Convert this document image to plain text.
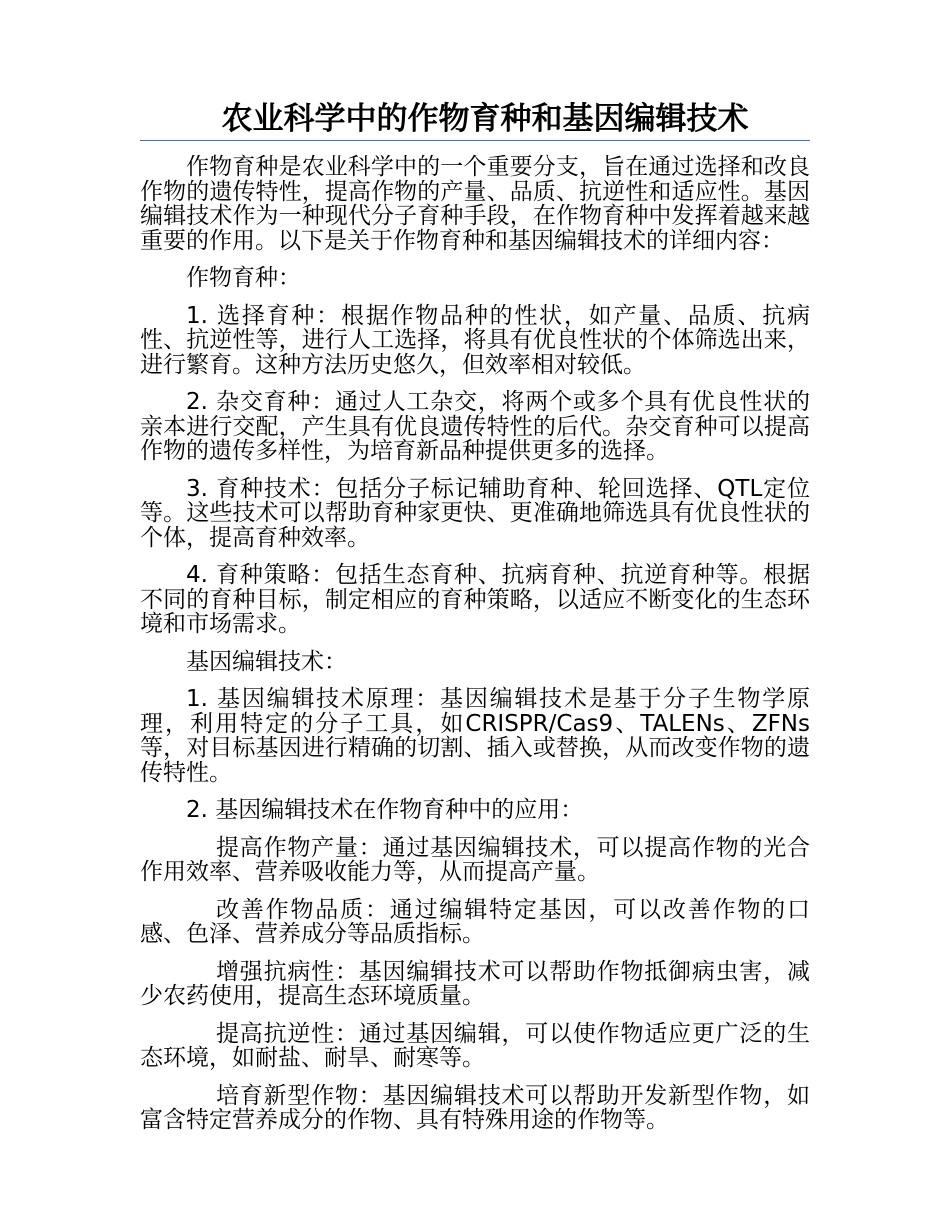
农业科学中的作物育种和基因编辑技术

作物育种是农业科学中的一个重要分支，旨在通过选择和改良作物的遗传特性，提高作物的产量、品质、抗逆性和适应性。基因编辑技术作为一种现代分子育种手段，在作物育种中发挥着越来越重要的作用。以下是关于作物育种和基因编辑技术的详细内容：

作物育种：

1. 选择育种：根据作物品种的性状，如产量、品质、抗病性、抗逆性等，进行人工选择，将具有优良性状的个体筛选出来，进行繁育。这种方法历史悠久，但效率相对较低。

2. 杂交育种：通过人工杂交，将两个或多个具有优良性状的亲本进行交配，产生具有优良遗传特性的后代。杂交育种可以提高作物的遗传多样性，为培育新品种提供更多的选择。

3. 育种技术：包括分子标记辅助育种、轮回选择、QTL定位等。这些技术可以帮助育种家更快、更准确地筛选具有优良性状的个体，提高育种效率。

4. 育种策略：包括生态育种、抗病育种、抗逆育种等。根据不同的育种目标，制定相应的育种策略，以适应不断变化的生态环境和市场需求。

基因编辑技术：

1. 基因编辑技术原理：基因编辑技术是基于分子生物学原理，利用特定的分子工具，如CRISPR/Cas9、TALENs、ZFNs等，对目标基因进行精确的切割、插入或替换，从而改变作物的遗传特性。

2. 基因编辑技术在作物育种中的应用：

提高作物产量：通过基因编辑技术，可以提高作物的光合作用效率、营养吸收能力等，从而提高产量。

改善作物品质：通过编辑特定基因，可以改善作物的口感、色泽、营养成分等品质指标。

增强抗病性：基因编辑技术可以帮助作物抵御病虫害，减少农药使用，提高生态环境质量。

提高抗逆性：通过基因编辑，可以使作物适应更广泛的生态环境，如耐盐、耐旱、耐寒等。

培育新型作物：基因编辑技术可以帮助开发新型作物，如富含特定营养成分的作物、具有特殊用途的作物等。
